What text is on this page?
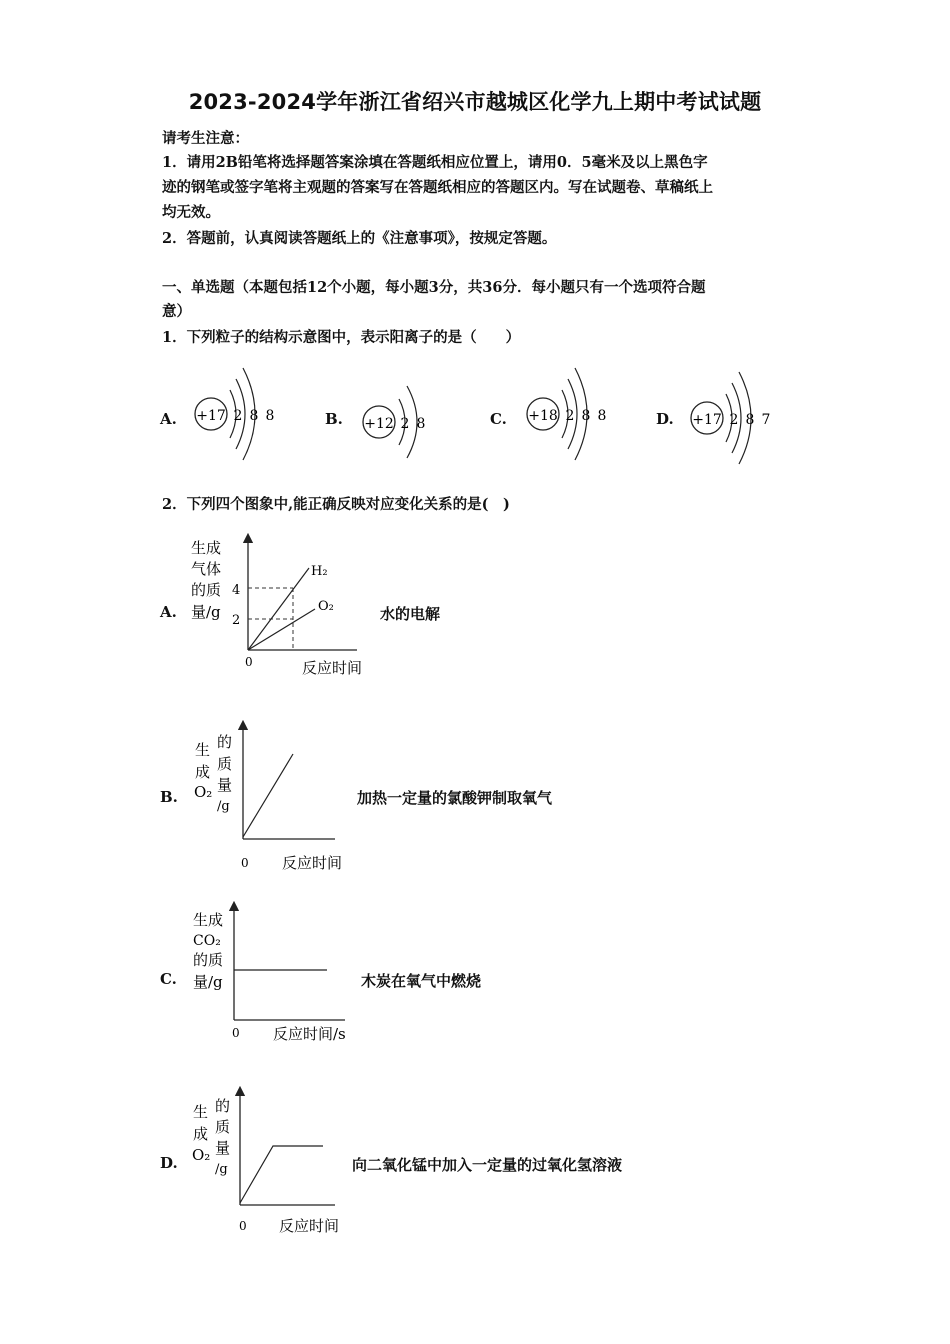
2023-2024学年浙江省绍兴市越城区化学九上期中考试试题
请考生注意：
1．请用2B铅笔将选择题答案涂填在答题纸相应位置上，请用0．5毫米及以上黑色字
迹的钢笔或签字笔将主观题的答案写在答题纸相应的答题区内。写在试题卷、草稿纸上
均无效。
2．答题前，认真阅读答题纸上的《注意事项》，按规定答题。
一、单选题（本题包括12个小题，每小题3分，共36分．每小题只有一个选项符合题
意）
1．下列粒子的结构示意图中，表示阳离子的是（　　）
A. +17 2 8 8	B. +12 2 8	C. +18 2 8 8	D. +17 2 8 7
2．下列四个图象中,能正确反映对应变化关系的是(　)
A.
生成
气体
的质
量/g
4
2
H₂
O₂
0	反应时间
水的电解
B.
生
成
O₂
的
质
量
/g
0 反应时间
加热一定量的氯酸钾制取氧气
C.
生成
CO₂
的质
量/g
0 反应时间/s
木炭在氧气中燃烧
D.
生
成
O₂
的
质
量
/g
0 反应时间
向二氧化锰中加入一定量的过氧化氢溶液
